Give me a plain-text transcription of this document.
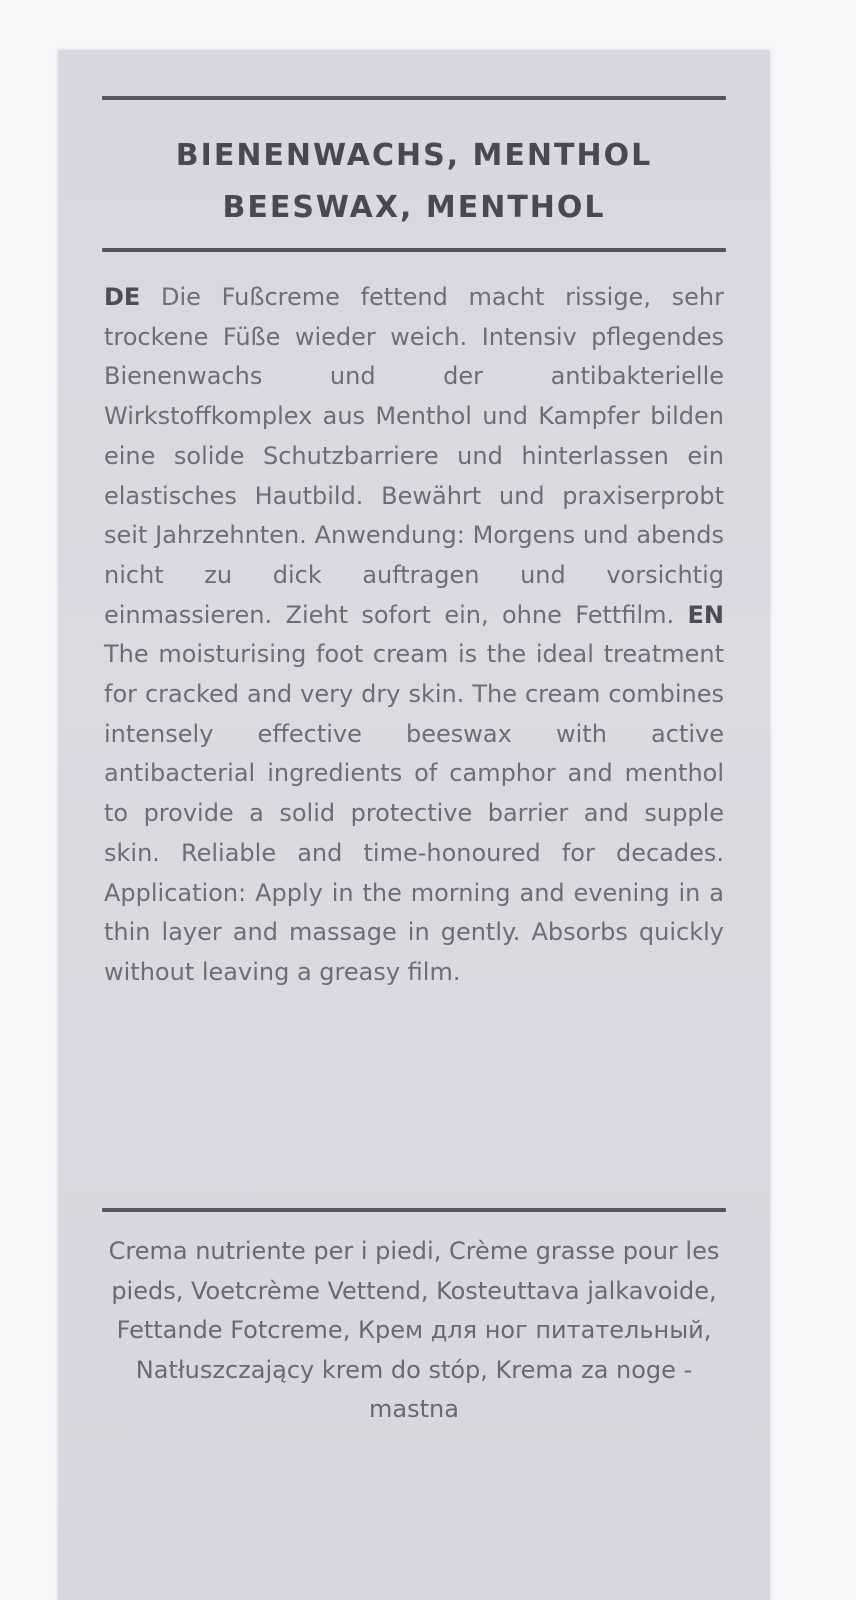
BIENENWACHS, MENTHOL
BEESWAX, MENTHOL
DE Die Fußcreme fettend macht rissige, sehr trockene Füße wieder weich. Intensiv pflegendes Bienenwachs und der antibakterielle Wirkstoffkomplex aus Menthol und Kampfer bilden eine solide Schutzbarriere und hinterlassen ein elastisches Hautbild. Bewährt und praxiserprobt seit Jahrzehnten. Anwendung: Morgens und abends nicht zu dick auftragen und vorsichtig einmassieren. Zieht sofort ein, ohne Fettfilm. EN The moisturising foot cream is the ideal treatment for cracked and very dry skin. The cream combines intensely effective beeswax with active antibacterial ingredients of camphor and menthol to provide a solid protective barrier and supple skin. Reliable and time-honoured for decades. Application: Apply in the morning and evening in a thin layer and massage in gently. Absorbs quickly without leaving a greasy film.
Crema nutriente per i piedi, Crème grasse pour les pieds, Voetcrème Vettend, Kosteuttava jalkavoide, Fettande Fotcreme, Крем для ног питательный, Natłuszczający krem do stóp, Krema za noge - mastna
